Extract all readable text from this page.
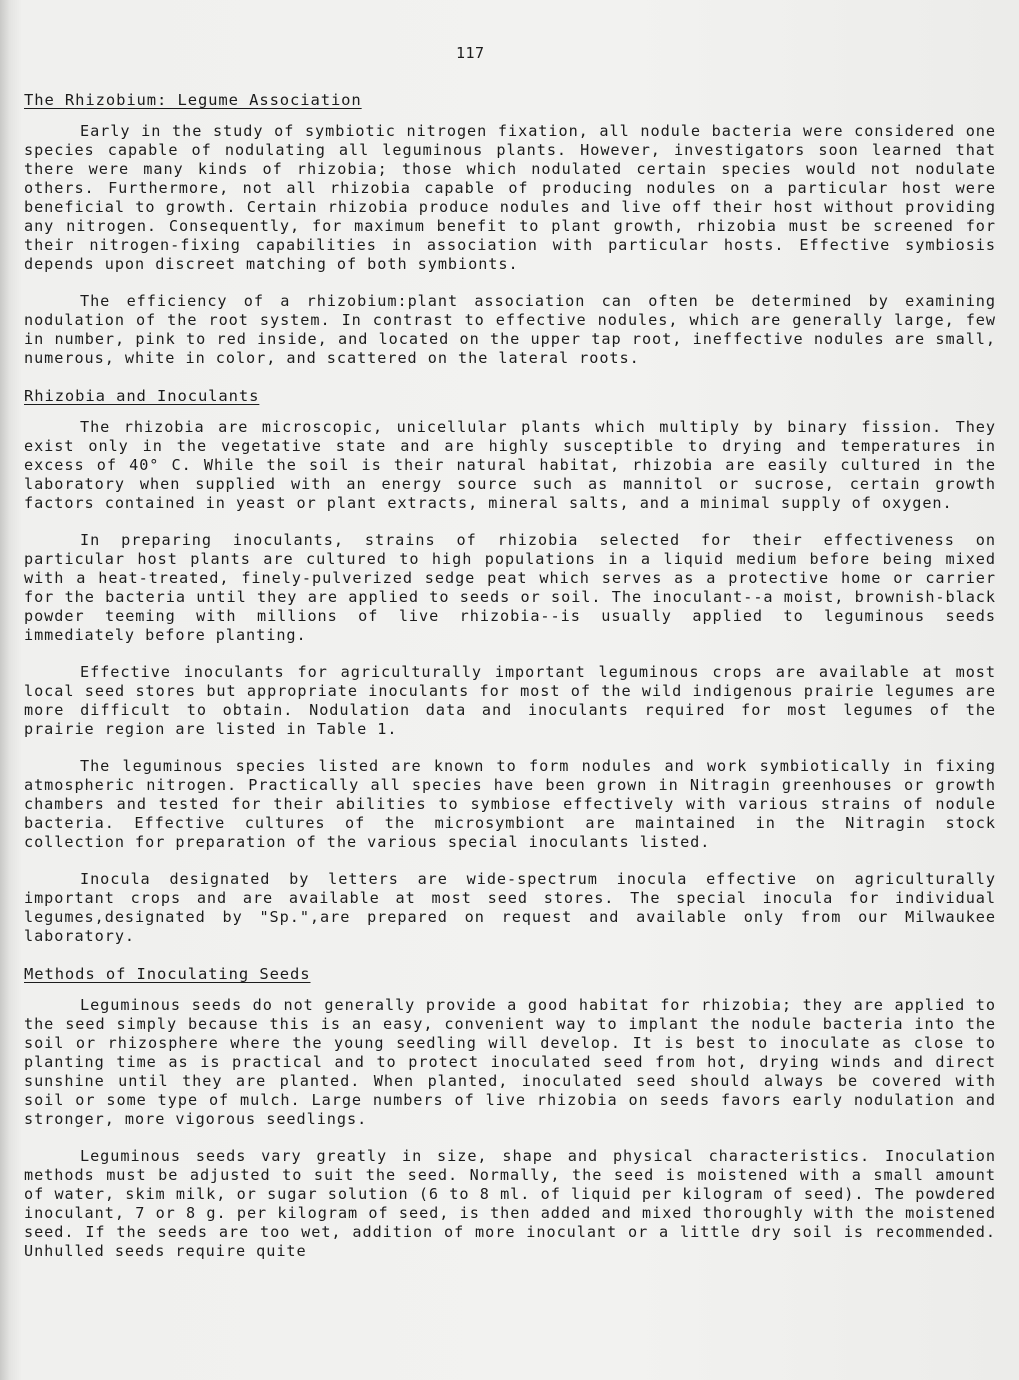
117
The Rhizobium: Legume Association

Early in the study of symbiotic nitrogen fixation, all nodule bacteria were considered one species capable of nodulating all leguminous plants. However, investigators soon learned that there were many kinds of rhizobia; those which nodulated certain species would not nodulate others. Furthermore, not all rhizobia capable of producing nodules on a particular host were beneficial to growth. Certain rhizobia produce nodules and live off their host without providing any nitrogen. Consequently, for maximum benefit to plant growth, rhizobia must be screened for their nitrogen-fixing capabilities in association with particular hosts. Effective symbiosis depends upon discreet matching of both symbionts.

The efficiency of a rhizobium:plant association can often be determined by examining nodulation of the root system. In contrast to effective nodules, which are generally large, few in number, pink to red inside, and located on the upper tap root, ineffective nodules are small, numerous, white in color, and scattered on the lateral roots.

Rhizobia and Inoculants

The rhizobia are microscopic, unicellular plants which multiply by binary fission. They exist only in the vegetative state and are highly susceptible to drying and temperatures in excess of 40° C. While the soil is their natural habitat, rhizobia are easily cultured in the laboratory when supplied with an energy source such as mannitol or sucrose, certain growth factors contained in yeast or plant extracts, mineral salts, and a minimal supply of oxygen.

In preparing inoculants, strains of rhizobia selected for their effectiveness on particular host plants are cultured to high populations in a liquid medium before being mixed with a heat-treated, finely-pulverized sedge peat which serves as a protective home or carrier for the bacteria until they are applied to seeds or soil. The inoculant--a moist, brownish-black powder teeming with millions of live rhizobia--is usually applied to leguminous seeds immediately before planting.

Effective inoculants for agriculturally important leguminous crops are available at most local seed stores but appropriate inoculants for most of the wild indigenous prairie legumes are more difficult to obtain. Nodulation data and inoculants required for most legumes of the prairie region are listed in Table 1.

The leguminous species listed are known to form nodules and work symbiotically in fixing atmospheric nitrogen. Practically all species have been grown in Nitragin greenhouses or growth chambers and tested for their abilities to symbiose effectively with various strains of nodule bacteria. Effective cultures of the microsymbiont are maintained in the Nitragin stock collection for preparation of the various special inoculants listed.

Inocula designated by letters are wide-spectrum inocula effective on agriculturally important crops and are available at most seed stores. The special inocula for individual legumes,designated by "Sp.",are prepared on request and available only from our Milwaukee laboratory.

Methods of Inoculating Seeds

Leguminous seeds do not generally provide a good habitat for rhizobia; they are applied to the seed simply because this is an easy, convenient way to implant the nodule bacteria into the soil or rhizosphere where the young seedling will develop. It is best to inoculate as close to planting time as is practical and to protect inoculated seed from hot, drying winds and direct sunshine until they are planted. When planted, inoculated seed should always be covered with soil or some type of mulch. Large numbers of live rhizobia on seeds favors early nodulation and stronger, more vigorous seedlings.

Leguminous seeds vary greatly in size, shape and physical characteristics. Inoculation methods must be adjusted to suit the seed. Normally, the seed is moistened with a small amount of water, skim milk, or sugar solution (6 to 8 ml. of liquid per kilogram of seed). The powdered inoculant, 7 or 8 g. per kilogram of seed, is then added and mixed thoroughly with the moistened seed. If the seeds are too wet, addition of more inoculant or a little dry soil is recommended. Unhulled seeds require quite
